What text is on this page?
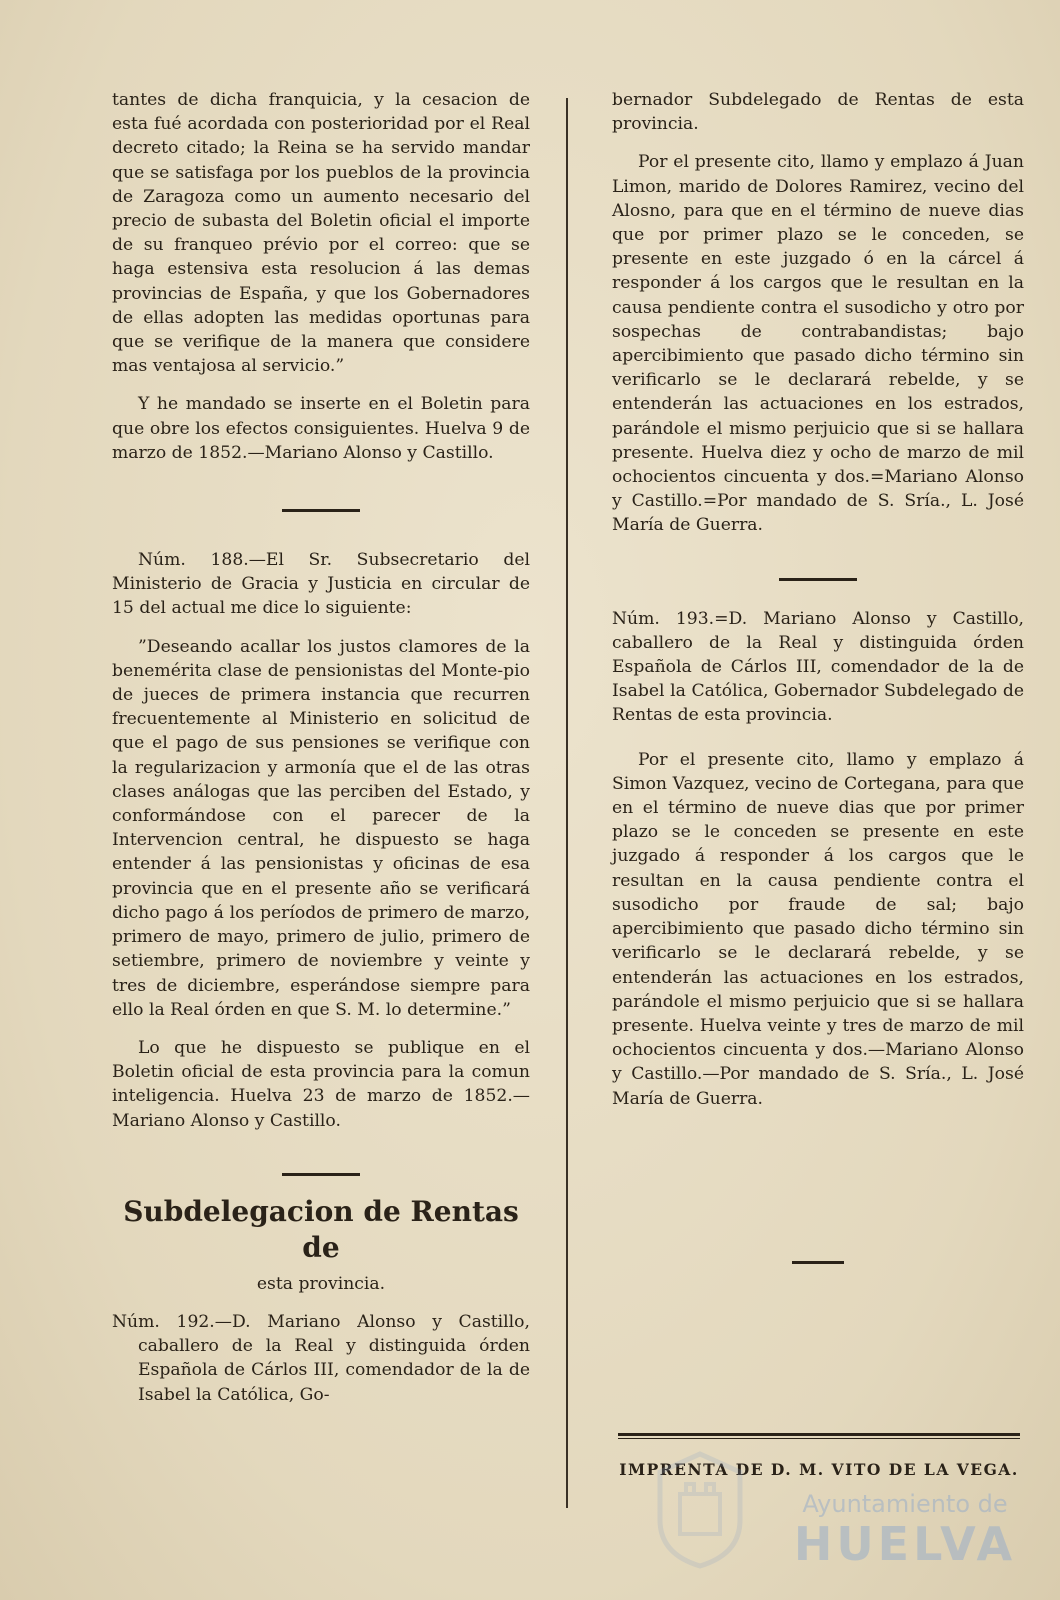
tantes de dicha franquicia, y la cesacion de esta fué acordada con posterioridad por el Real decreto citado; la Reina se ha servido mandar que se satisfaga por los pueblos de la provincia de Zaragoza como un aumento necesario del precio de subasta del Boletin oficial el importe de su franqueo prévio por el correo: que se haga estensiva esta resolucion á las demas provincias de España, y que los Gobernadores de ellas adopten las medidas oportunas para que se verifique de la manera que considere mas ventajosa al servicio.”

Y he mandado se inserte en el Boletin para que obre los efectos consiguientes. Huelva 9 de marzo de 1852.—Mariano Alonso y Castillo.

Núm. 188.—El Sr. Subsecretario del Ministerio de Gracia y Justicia en circular de 15 del actual me dice lo siguiente:

”Deseando acallar los justos clamores de la benemérita clase de pensionistas del Monte-pio de jueces de primera instancia que recurren frecuentemente al Ministerio en solicitud de que el pago de sus pensiones se verifique con la regularizacion y armonía que el de las otras clases análogas que las perciben del Estado, y conformándose con el parecer de la Intervencion central, he dispuesto se haga entender á las pensionistas y oficinas de esa provincia que en el presente año se verificará dicho pago á los períodos de primero de marzo, primero de mayo, primero de julio, primero de setiembre, primero de noviembre y veinte y tres de diciembre, esperándose siempre para ello la Real órden en que S. M. lo determine.”

Lo que he dispuesto se publique en el Boletin oficial de esta provincia para la comun inteligencia. Huelva 23 de marzo de 1852.—Mariano Alonso y Castillo.

Subdelegacion de Rentas de
esta provincia.

Núm. 192.—D. Mariano Alonso y Castillo, caballero de la Real y distinguida órden Española de Cárlos III, comendador de la de Isabel la Católica, Go-

bernador Subdelegado de Rentas de esta provincia.

Por el presente cito, llamo y emplazo á Juan Limon, marido de Dolores Ramirez, vecino del Alosno, para que en el término de nueve dias que por primer plazo se le conceden, se presente en este juzgado ó en la cárcel á responder á los cargos que le resultan en la causa pendiente contra el susodicho y otro por sospechas de contrabandistas; bajo apercibimiento que pasado dicho término sin verificarlo se le declarará rebelde, y se entenderán las actuaciones en los estrados, parándole el mismo perjuicio que si se hallara presente. Huelva diez y ocho de marzo de mil ochocientos cincuenta y dos.=Mariano Alonso y Castillo.=Por mandado de S. Sría., L. José María de Guerra.

Núm. 193.=D. Mariano Alonso y Castillo, caballero de la Real y distinguida órden Española de Cárlos III, comendador de la de Isabel la Católica, Gobernador Subdelegado de Rentas de esta provincia.

Por el presente cito, llamo y emplazo á Simon Vazquez, vecino de Cortegana, para que en el término de nueve dias que por primer plazo se le conceden se presente en este juzgado á responder á los cargos que le resultan en la causa pendiente contra el susodicho por fraude de sal; bajo apercibimiento que pasado dicho término sin verificarlo se le declarará rebelde, y se entenderán las actuaciones en los estrados, parándole el mismo perjuicio que si se hallara presente. Huelva veinte y tres de marzo de mil ochocientos cincuenta y dos.—Mariano Alonso y Castillo.—Por mandado de S. Sría., L. José María de Guerra.

IMPRENTA DE D. M. VITO DE LA VEGA.
Ayuntamiento de
HUELVA
